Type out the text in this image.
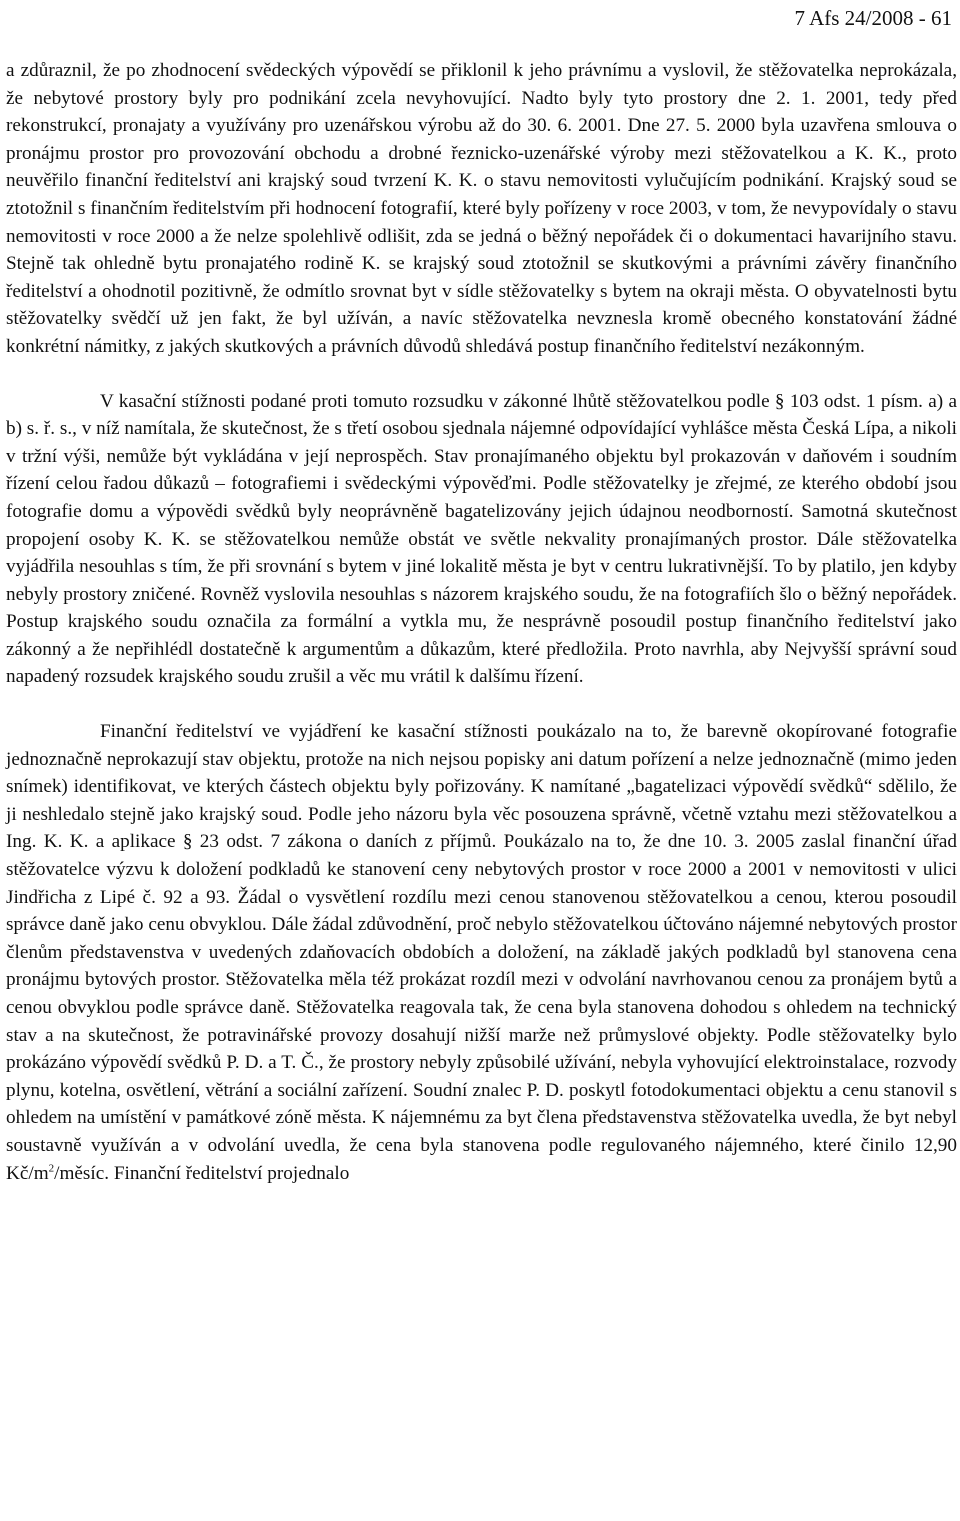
7 Afs 24/2008 - 61

a zdůraznil, že po zhodnocení svědeckých výpovědí se přiklonil k jeho právnímu a vyslovil, že stěžovatelka neprokázala, že nebytové prostory byly pro podnikání zcela nevyhovující. Nadto byly tyto prostory dne 2. 1. 2001, tedy před rekonstrukcí, pronajaty a využívány pro uzenářskou výrobu až do 30. 6. 2001. Dne 27. 5. 2000 byla uzavřena smlouva o pronájmu prostor pro provozování obchodu a drobné řeznicko-uzenářské výroby mezi stěžovatelkou a K. K., proto neuvěřilo finanční ředitelství ani krajský soud tvrzení K. K. o stavu nemovitosti vylučujícím podnikání. Krajský soud se ztotožnil s finančním ředitelstvím při hodnocení fotografií, které byly pořízeny v roce 2003, v tom, že nevypovídaly o stavu nemovitosti v roce 2000 a že nelze spolehlivě odlišit, zda se jedná o běžný nepořádek či o dokumentaci havarijního stavu. Stejně tak ohledně bytu pronajatého rodině K. se krajský soud ztotožnil se skutkovými a právními závěry finančního ředitelství a ohodnotil pozitivně, že odmítlo srovnat byt v sídle stěžovatelky s bytem na okraji města. O obyvatelnosti bytu stěžovatelky svědčí už jen fakt, že byl užíván, a navíc stěžovatelka nevznesla kromě obecného konstatování žádné konkrétní námitky, z jakých skutkových a právních důvodů shledává postup finančního ředitelství nezákonným.

V kasační stížnosti podané proti tomuto rozsudku v zákonné lhůtě stěžovatelkou podle § 103 odst. 1 písm. a) a b) s. ř. s., v níž namítala, že skutečnost, že s třetí osobou sjednala nájemné odpovídající vyhlášce města Česká Lípa, a nikoli v tržní výši, nemůže být vykládána v její neprospěch. Stav pronajímaného objektu byl prokazován v daňovém i soudním řízení celou řadou důkazů – fotografiemi i svědeckými výpověďmi. Podle stěžovatelky je zřejmé, ze kterého období jsou fotografie domu a výpovědi svědků byly neoprávněně bagatelizovány jejich údajnou neodborností. Samotná skutečnost propojení osoby K. K. se stěžovatelkou nemůže obstát ve světle nekvality pronajímaných prostor. Dále stěžovatelka vyjádřila nesouhlas s tím, že při srovnání s bytem v jiné lokalitě města je byt v centru lukrativnější. To by platilo, jen kdyby nebyly prostory zničené. Rovněž vyslovila nesouhlas s názorem krajského soudu, že na fotografiích šlo o běžný nepořádek. Postup krajského soudu označila za formální a vytkla mu, že nesprávně posoudil postup finančního ředitelství jako zákonný a že nepřihlédl dostatečně k argumentům a důkazům, které předložila. Proto navrhla, aby Nejvyšší správní soud napadený rozsudek krajského soudu zrušil a věc mu vrátil k dalšímu řízení.

Finanční ředitelství ve vyjádření ke kasační stížnosti poukázalo na to, že barevně okopírované fotografie jednoznačně neprokazují stav objektu, protože na nich nejsou popisky ani datum pořízení a nelze jednoznačně (mimo jeden snímek) identifikovat, ve kterých částech objektu byly pořizovány. K namítané „bagatelizaci výpovědí svědků“ sdělilo, že ji neshledalo stejně jako krajský soud. Podle jeho názoru byla věc posouzena správně, včetně vztahu mezi stěžovatelkou a Ing. K. K. a aplikace § 23 odst. 7 zákona o daních z příjmů. Poukázalo na to, že dne 10. 3. 2005 zaslal finanční úřad stěžovatelce výzvu k doložení podkladů ke stanovení ceny nebytových prostor v roce 2000 a 2001 v nemovitosti v ulici Jindřicha z Lipé č. 92 a 93. Žádal o vysvětlení rozdílu mezi cenou stanovenou stěžovatelkou a cenou, kterou posoudil správce daně jako cenu obvyklou. Dále žádal zdůvodnění, proč nebylo stěžovatelkou účtováno nájemné nebytových prostor členům představenstva v uvedených zdaňovacích obdobích a doložení, na základě jakých podkladů byl stanovena cena pronájmu bytových prostor. Stěžovatelka měla též prokázat rozdíl mezi v odvolání navrhovanou cenou za pronájem bytů a cenou obvyklou podle správce daně. Stěžovatelka reagovala tak, že cena byla stanovena dohodou s ohledem na technický stav a na skutečnost, že potravinářské provozy dosahují nižší marže než průmyslové objekty. Podle stěžovatelky bylo prokázáno výpovědí svědků P. D. a T. Č., že prostory nebyly způsobilé užívání, nebyla vyhovující elektroinstalace, rozvody plynu, kotelna, osvětlení, větrání a sociální zařízení. Soudní znalec P. D. poskytl fotodokumentaci objektu a cenu stanovil s ohledem na umístění v památkové zóně města. K nájemnému za byt člena představenstva stěžovatelka uvedla, že byt nebyl soustavně využíván a v odvolání uvedla, že cena byla stanovena podle regulovaného nájemného, které činilo 12,90 $Kč/m^2$/měsíc. Finanční ředitelství projednalo
